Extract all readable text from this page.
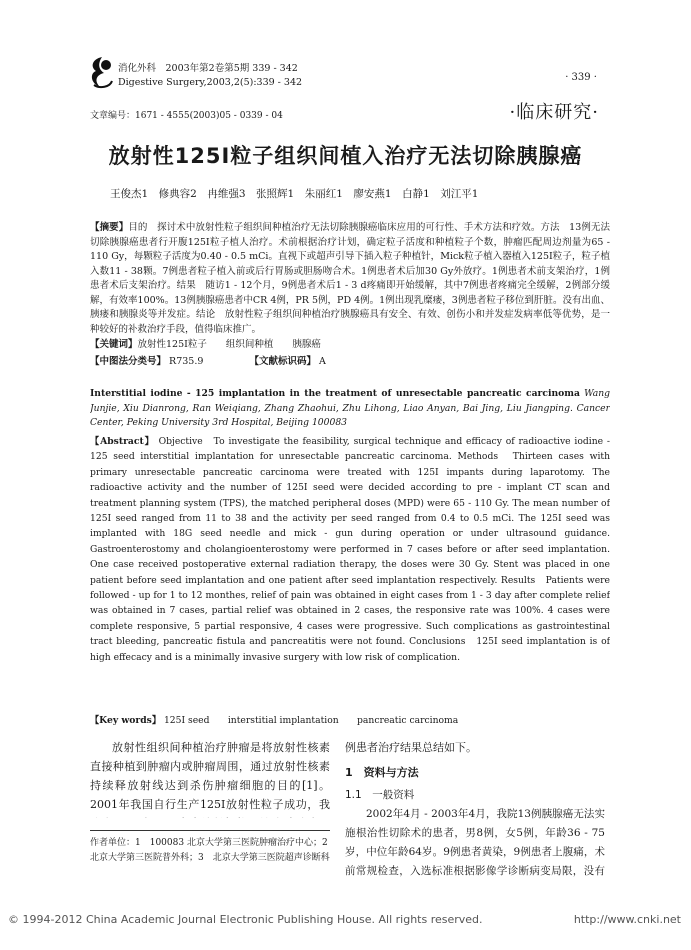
消化外科　2003年第2卷第5期 339 - 342
Digestive Surgery,2003,2(5):339 - 342	· 339 ·
文章编号：1671 - 4555(2003)05 - 0339 - 04	·临床研究·
放射性125I粒子组织间植入治疗无法切除胰腺癌
王俊杰1　修典容2　冉维强3　张照辉1　朱丽红1　廖安燕1　白静1　刘江平1
【摘要】目的　探讨术中放射性粒子组织间种植治疗无法切除胰腺癌临床应用的可行性、手术方法和疗效。方法　13例无法切除胰腺癌患者行开腹125I粒子植人治疗。术前根据治疗计划，确定粒子活度和种植粒子个数，肿瘤匹配周边剂量为65 - 110 Gy，每颗粒子活度为0.40 - 0.5 mCi。直视下或超声引导下插入粒子种植针，Mick粒子植入器植入125I粒子，粒子植入数11 - 38颗。7例患者粒子植入前或后行胃肠或胆肠吻合术。1例患者术后加30 Gy外放疗。1例患者术前支架治疗，1例患者术后支架治疗。结果　随访1 - 12个月，9例患者术后1 - 3 d疼痛即开始缓解，其中7例患者疼痛完全缓解，2例部分缓解，有效率100%。13例胰腺癌患者中CR 4例，PR 5例，PD 4例。1例出现乳糜瘘，3例患者粒子移位到肝脏。没有出血、胰瘘和胰腺炎等并发症。结论　放射性粒子组织间种植治疗胰腺癌具有安全、有效、创伤小和并发症发病率低等优势，是一种较好的补救治疗手段，值得临床推广。
【关键词】放射性125I粒子　　组织间种植　　胰腺癌
【中图法分类号】 R735.9	【文献标识码】 A
Interstitial iodine - 125 implantation in the treatment of unresectable pancreatic carcinoma Wang Junjie, Xiu Dianrong, Ran Weiqiang, Zhang Zhaohui, Zhu Lihong, Liao Anyan, Bai Jing, Liu Jiangping. Cancer Center, Peking University 3rd Hospital, Beijing 100083
【Abstract】 Objective　To investigate the feasibility, surgical technique and efficacy of radioactive iodine - 125 seed interstitial implantation for unresectable pancreatic carcinoma. Methods　Thirteen cases with primary unresectable pancreatic carcinoma were treated with 125I impants during laparotomy. The radioactive activity and the number of 125I seed were decided according to pre - implant CT scan and treatment planning system (TPS), the matched peripheral doses (MPD) were 65 - 110 Gy. The mean number of 125I seed ranged from 11 to 38 and the activity per seed ranged from 0.4 to 0.5 mCi. The 125I seed was implanted with 18G seed needle and mick - gun during operation or under ultrasound guidance. Gastroenterostomy and cholangioenterostomy were performed in 7 cases before or after seed implantation. One case received postoperative external radiation therapy, the doses were 30 Gy. Stent was placed in one patient before seed implantation and one patient after seed implantation respectively. Results　Patients were followed - up for 1 to 12 monthes, relief of pain was obtained in eight cases from 1 - 3 day after complete relief was obtained in 7 cases, partial relief was obtained in 2 cases, the responsive rate was 100%. 4 cases were complete responsive, 5 partial responsive, 4 cases were progressive. Such complications as gastrointestinal tract bleeding, pancreatic fistula and pancreatitis were not found. Conclusions　125I seed implantation is of high effecacy and is a minimally invasive surgery with low risk of complication.
【Key words】 125I seed　　interstitial implantation　　pancreatic carcinoma
放射性组织间种植治疗肿瘤是将放射性核素直接种植到肿瘤内或肿瘤周围，通过放射性核素持续释放射线达到杀伤肿瘤细胞的目的[1]。2001年我国自行生产125I放射性粒子成功，我

例患者治疗结果总结如下。

1　资料与方法

1.1　一般资料

2002年4月 - 2003年4月，我院13例胰腺癌无法实施根治性切除术的患者，男8例，女5例，年龄36 - 75岁，中位年龄64岁。9例患者黄染，9例患者上腹痛，术前常规检查，入选标准根据影像学诊断病变局限，没有

作者单位：1　100083 北京大学第三医院肿瘤治疗中心；2　北京大学第三医院普外科；3　北京大学第三医院超声诊断科
© 1994-2012 China Academic Journal Electronic Publishing House. All rights reserved.	http://www.cnki.net
